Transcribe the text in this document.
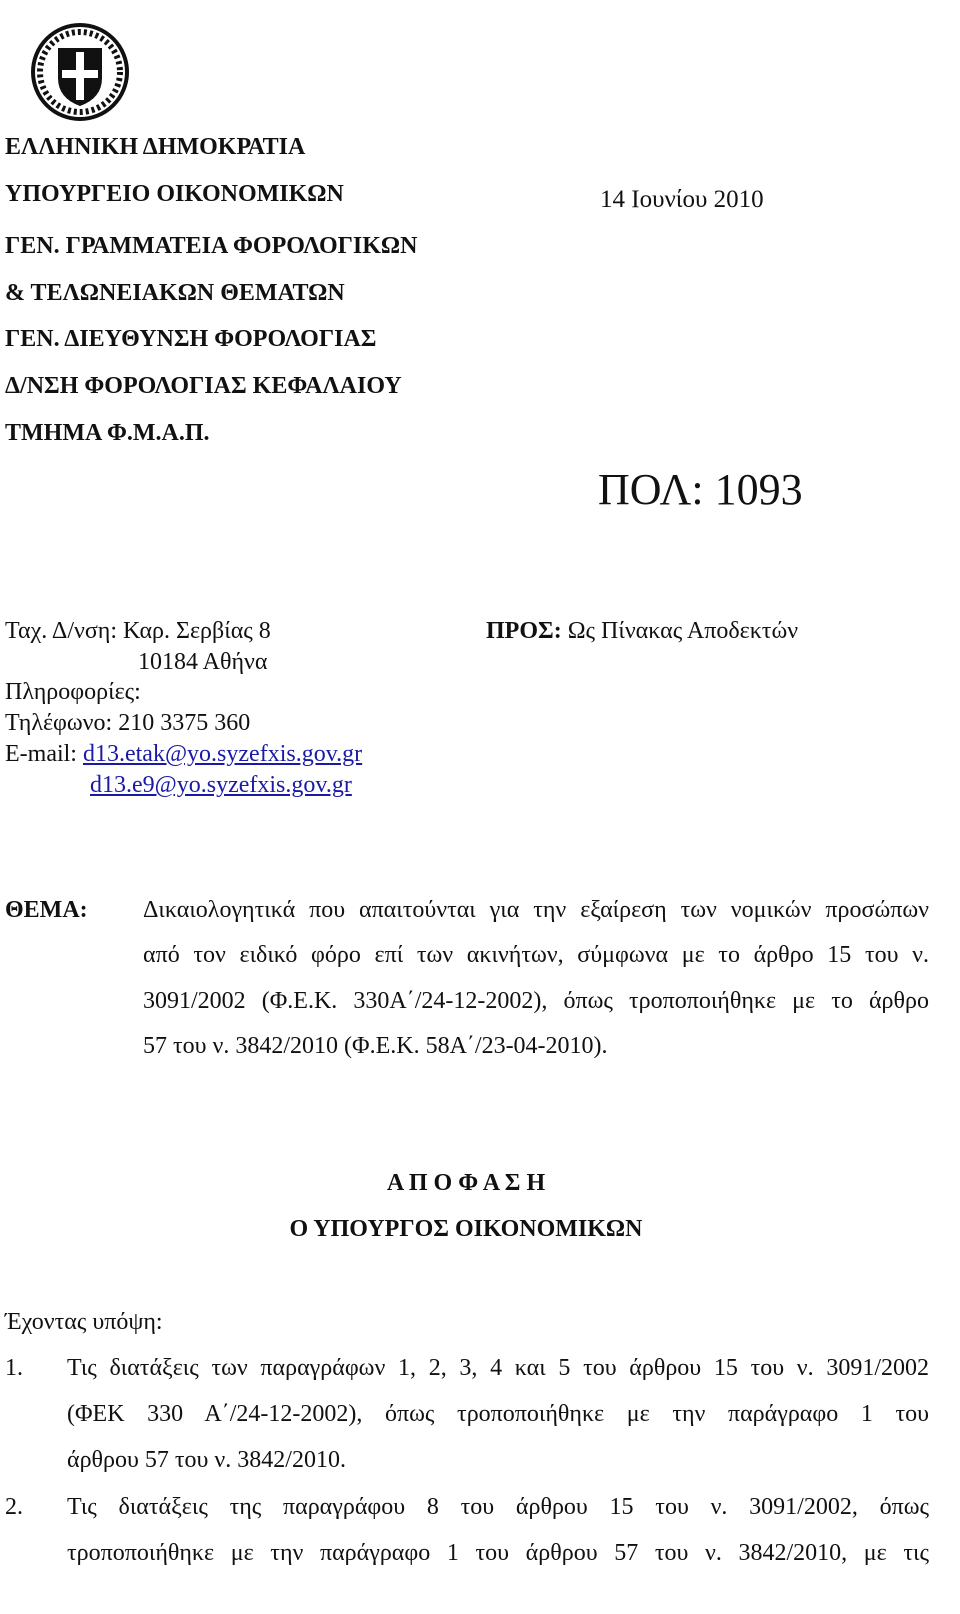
ΕΛΛΗΝΙΚΗ ΔΗΜΟΚΡΑΤΙΑ
ΥΠΟΥΡΓΕΙΟ ΟΙΚΟΝΟΜΙΚΩΝ
ΓΕΝ. ΓΡΑΜΜΑΤΕΙΑ ΦΟΡΟΛΟΓΙΚΩΝ
& ΤΕΛΩΝΕΙΑΚΩΝ ΘΕΜΑΤΩΝ
ΓΕΝ. ΔΙΕΥΘΥΝΣΗ ΦΟΡΟΛΟΓΙΑΣ
Δ/ΝΣΗ ΦΟΡΟΛΟΓΙΑΣ ΚΕΦΑΛΑΙΟΥ
ΤΜΗΜΑ Φ.Μ.Α.Π.
14 Ιουνίου 2010
ΠΟΛ: 1093
Ταχ. Δ/νση: Καρ. Σερβίας 8
10184 Αθήνα
Πληροφορίες:
Τηλέφωνο: 210 3375 360
E-mail: d13.etak@yo.syzefxis.gov.gr
d13.e9@yo.syzefxis.gov.gr
ΠΡΟΣ: Ως Πίνακας Αποδεκτών
ΘΕΜΑ: Δικαιολογητικά που απαιτούνται για την εξαίρεση των νομικών προσώπων
από τον ειδικό φόρο επί των ακινήτων, σύμφωνα με το άρθρο 15 του ν.
3091/2002 (Φ.Ε.Κ. 330Α΄/24-12-2002), όπως τροποποιήθηκε με το άρθρο
57 του ν. 3842/2010 (Φ.Ε.Κ. 58Α΄/23-04-2010).
Α Π Ο Φ Α Σ Η
Ο ΥΠΟΥΡΓΟΣ ΟΙΚΟΝΟΜΙΚΩΝ
Έχοντας υπόψη:
1. Τις διατάξεις των παραγράφων 1, 2, 3, 4 και 5 του άρθρου 15 του ν. 3091/2002
(ΦΕΚ 330 Α΄/24-12-2002), όπως τροποποιήθηκε με την παράγραφο 1 του
άρθρου 57 του ν. 3842/2010.
2. Τις διατάξεις της παραγράφου 8 του άρθρου 15 του ν. 3091/2002, όπως
τροποποιήθηκε με την παράγραφο 1 του άρθρου 57 του ν. 3842/2010, με τις
